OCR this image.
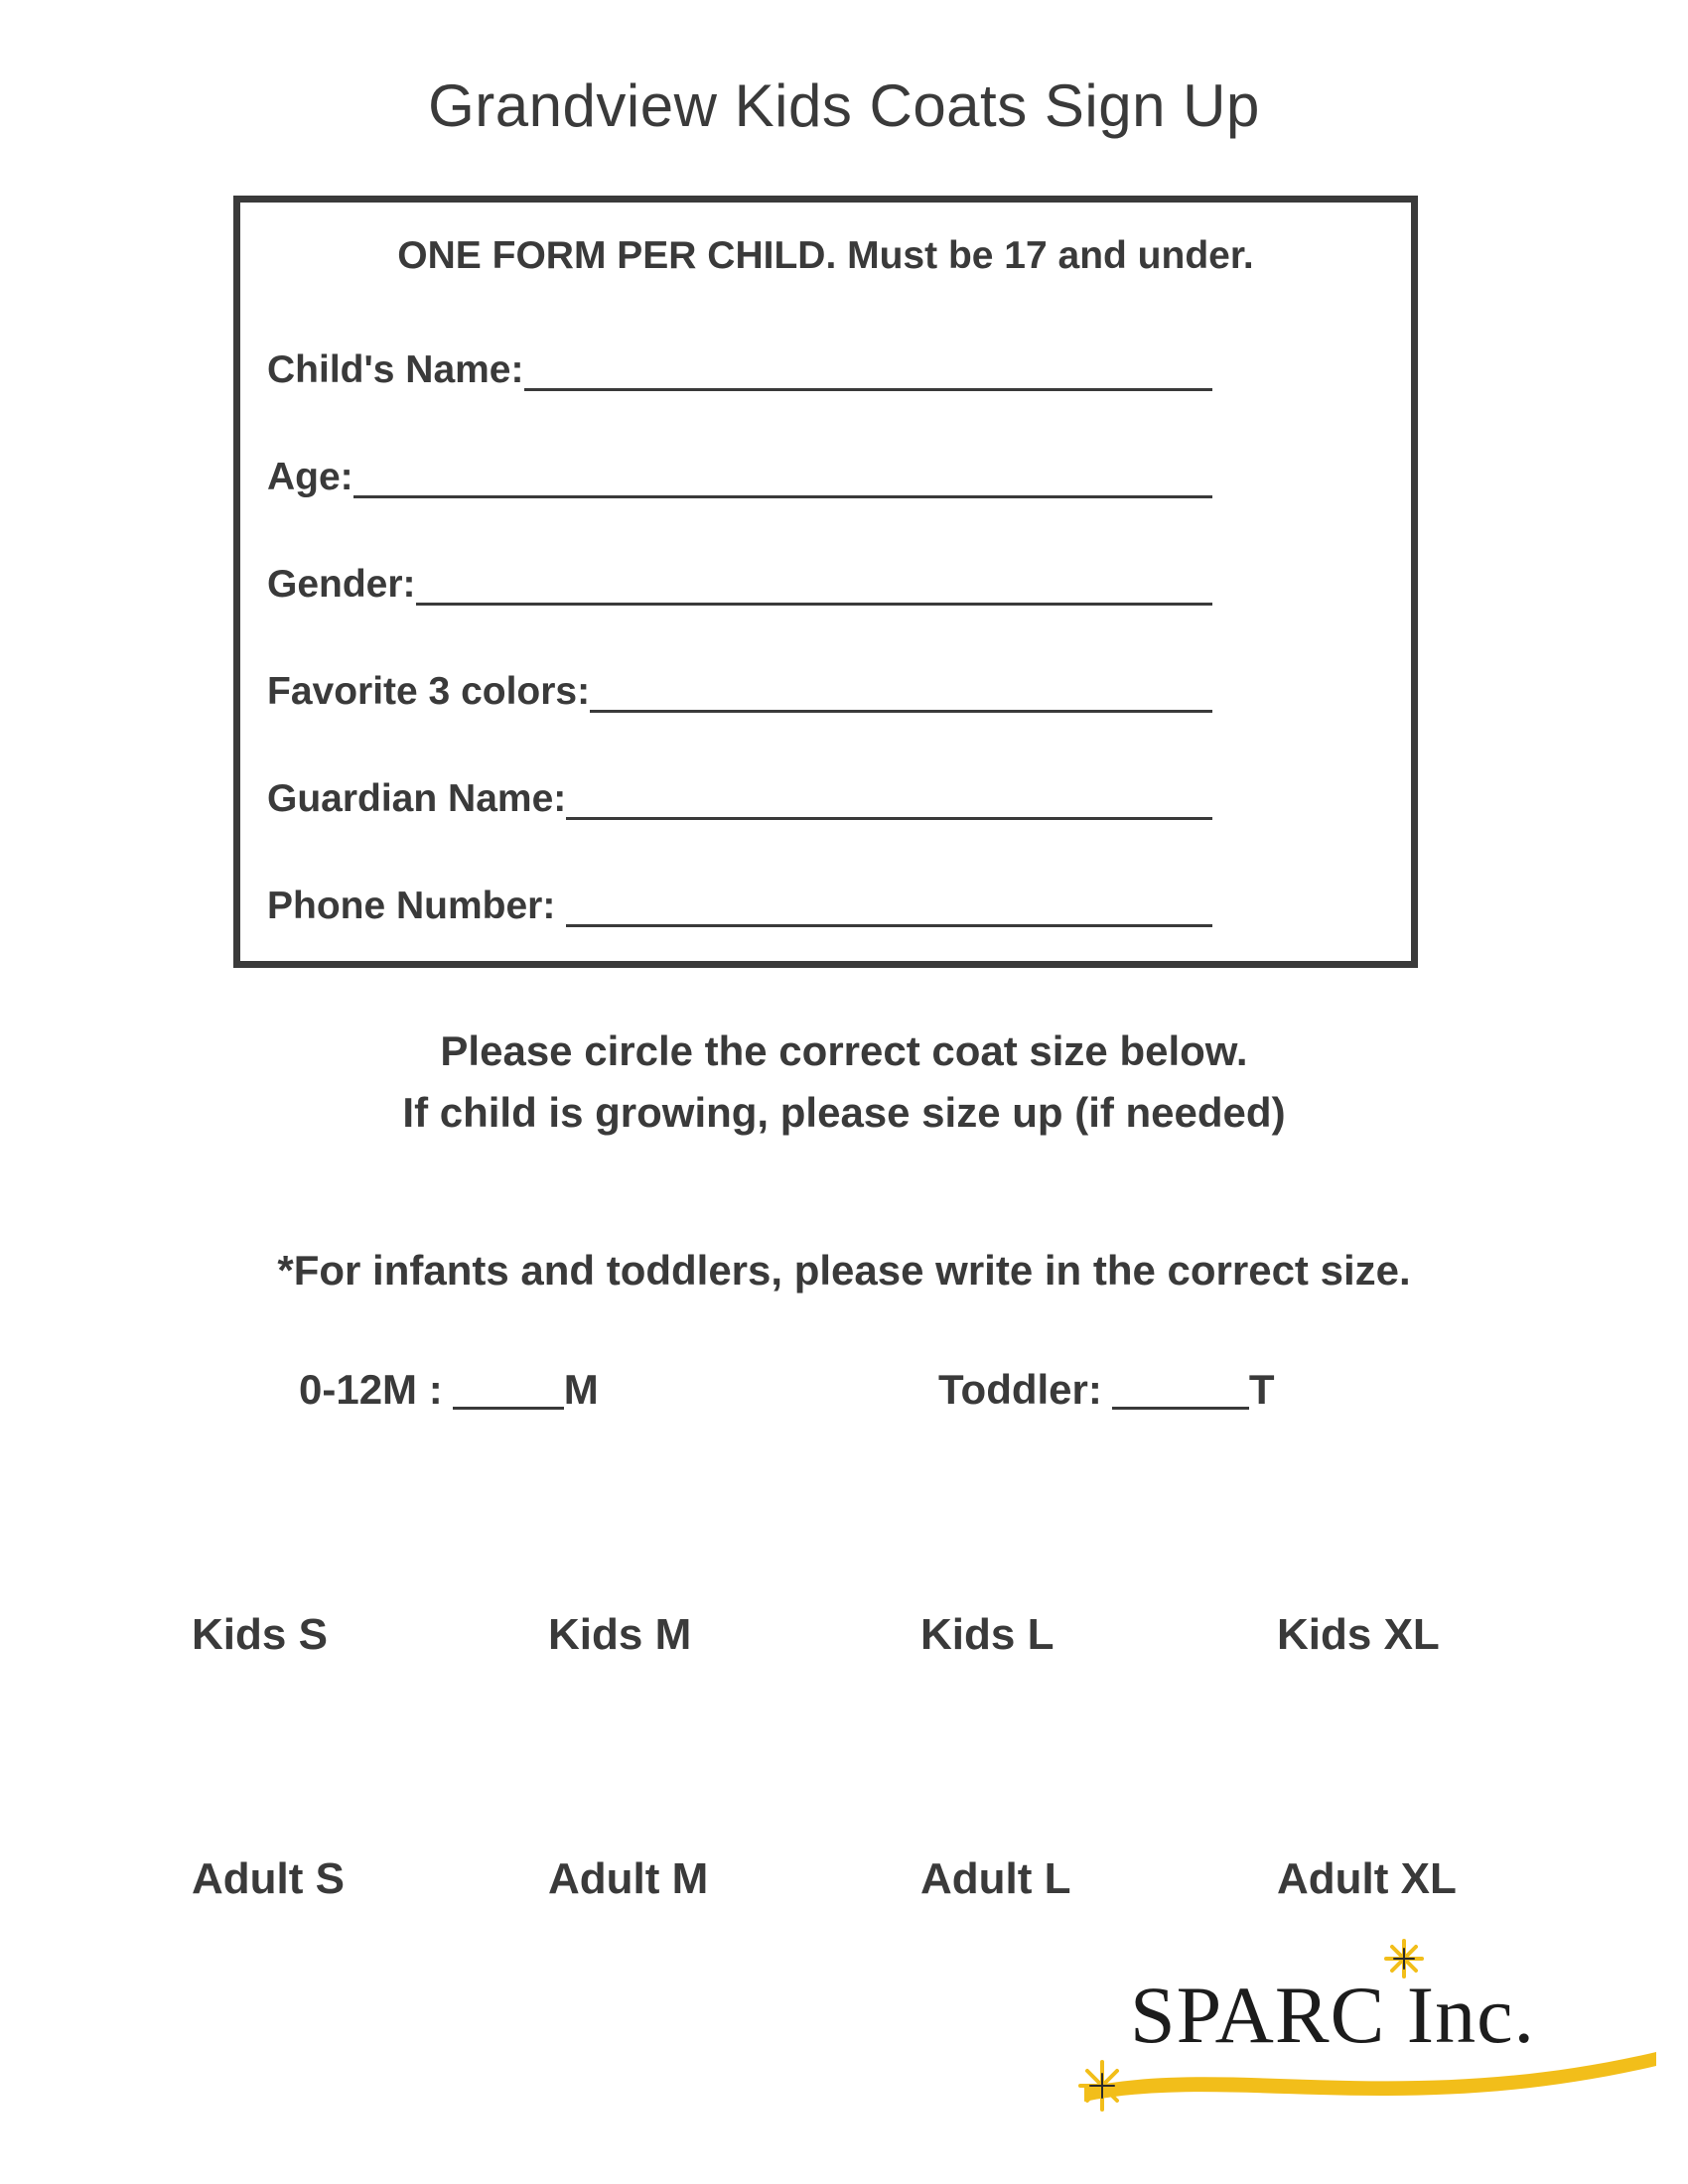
Grandview Kids Coats Sign Up
ONE FORM PER CHILD. Must be 17 and under.
Child's Name:
Age:
Gender:
Favorite 3 colors:
Guardian Name:
Phone Number:
Please circle the correct coat size below.
If child is growing, please size up (if needed)
*For infants and toddlers, please write in the correct size.
0-12M :	M	Toddler:	T
Kids S	Kids M	Kids L	Kids XL
Adult S	Adult M	Adult L	Adult XL
SPARC Inc.
